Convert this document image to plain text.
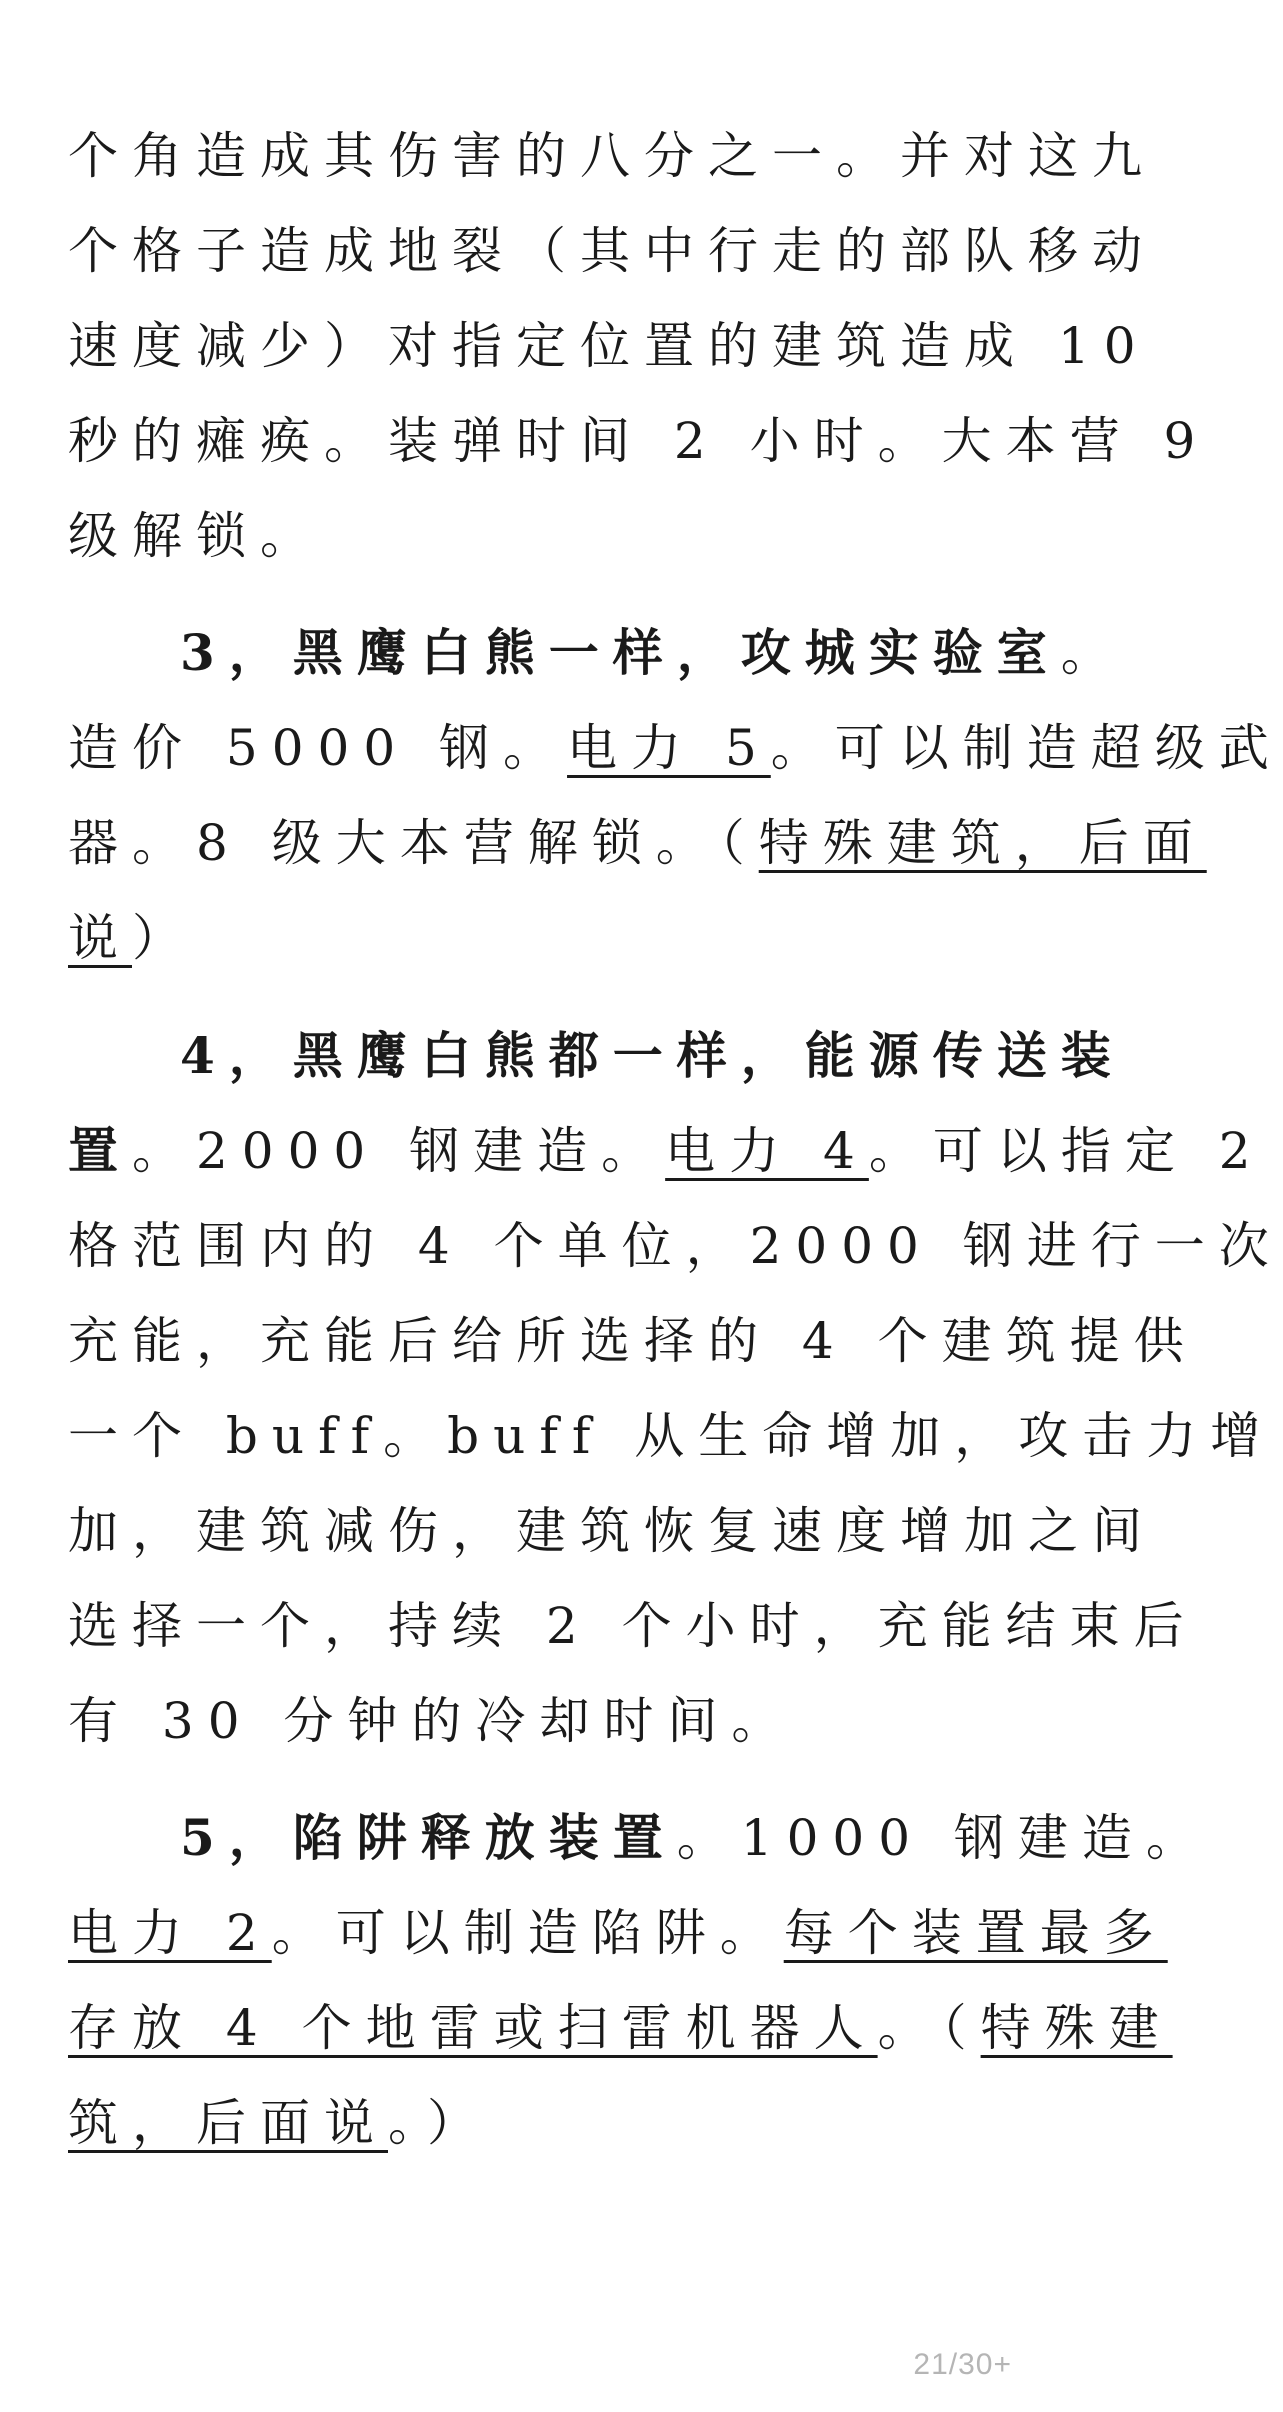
个角造成其伤害的八分之一。并对这九
个格子造成地裂（其中行走的部队移动
速度减少）对指定位置的建筑造成 10
秒的瘫痪。装弹时间 2 小时。大本营 9
级解锁。
3，黑鹰白熊一样，攻城实验室。
造价 5000 钢。电力 5。可以制造超级武
器。8 级大本营解锁。（特殊建筑，后面
说）
4，黑鹰白熊都一样，能源传送装
置。2000 钢建造。电力 4。可以指定 2
格范围内的 4 个单位，2000 钢进行一次
充能，充能后给所选择的 4 个建筑提供
一个 buff。buff 从生命增加，攻击力增
加，建筑减伤，建筑恢复速度增加之间
选择一个，持续 2 个小时，充能结束后
有 30 分钟的冷却时间。
5，陷阱释放装置。1000 钢建造。
电力 2。可以制造陷阱。每个装置最多
存放 4 个地雷或扫雷机器人。（特殊建
筑，后面说。）
21/30+
